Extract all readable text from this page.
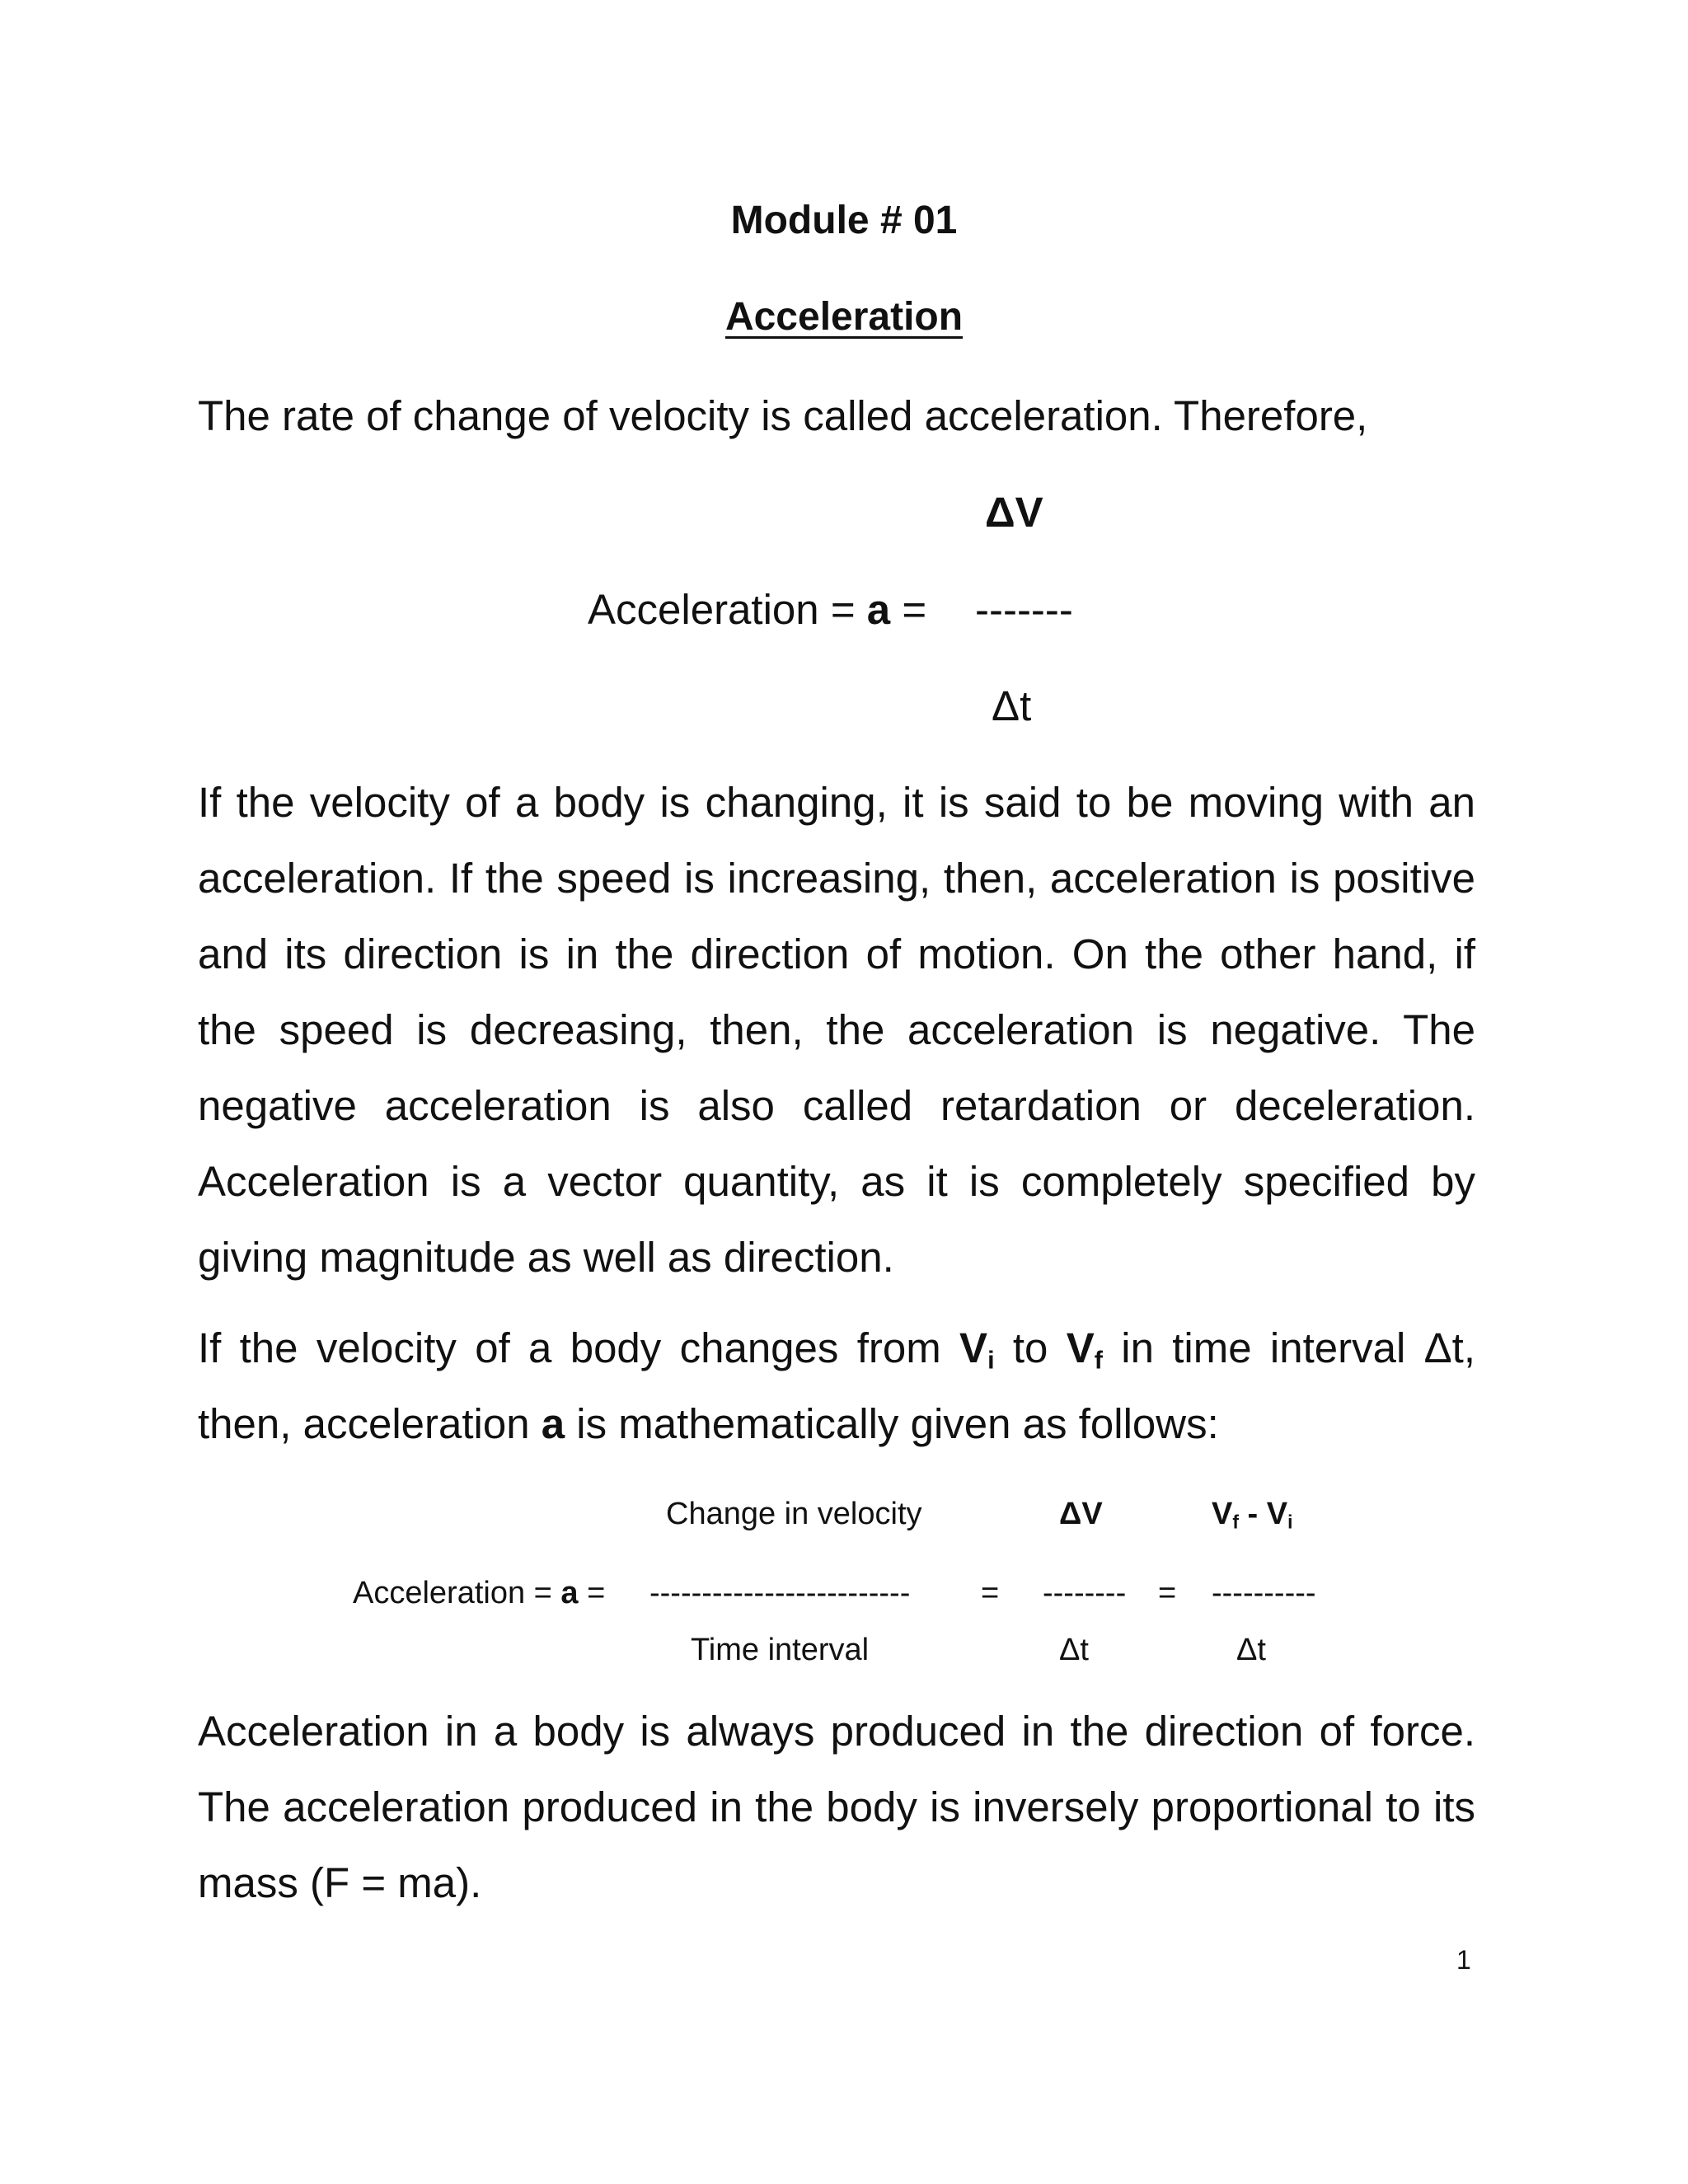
Module # 01
Acceleration
The rate of change of velocity is called acceleration. Therefore,
ΔV
Acceleration = a = -------
Δt

If the velocity of a body is changing, it is said to be moving with an acceleration. If the speed is increasing, then, acceleration is positive and its direction is in the direction of motion. On the other hand, if the speed is decreasing, then, the acceleration is negative. The negative acceleration is also called retardation or deceleration. Acceleration is a vector quantity, as it is completely specified by giving magnitude as well as direction.

If the velocity of a body changes from $V_i$ to $V_f$ in time interval Δt, then, acceleration a is mathematically given as follows:

Change in velocity	ΔV	$V_f - V_i$
Acceleration = a = ------------------------- = -------- = ----------
Time interval	Δt	Δt

Acceleration in a body is always produced in the direction of force. The acceleration produced in the body is inversely proportional to its mass (F = ma).

1
